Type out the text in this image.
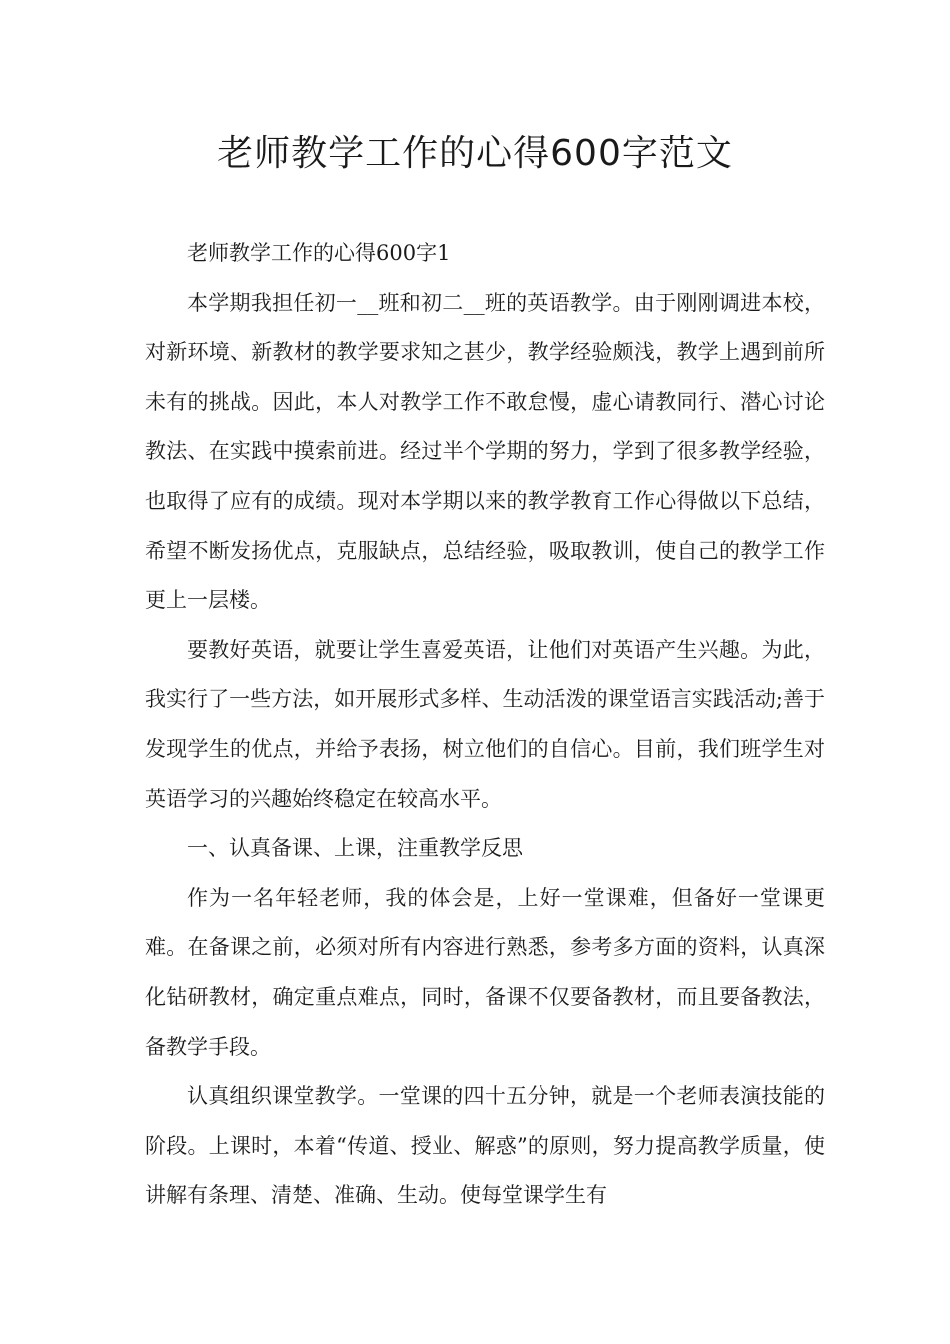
老师教学工作的心得600字范文

老师教学工作的心得600字1

本学期我担任初一__班和初二__班的英语教学。由于刚刚调进本校，对新环境、新教材的教学要求知之甚少，教学经验颇浅，教学上遇到前所未有的挑战。因此，本人对教学工作不敢怠慢，虚心请教同行、潜心讨论教法、在实践中摸索前进。经过半个学期的努力，学到了很多教学经验，也取得了应有的成绩。现对本学期以来的教学教育工作心得做以下总结，希望不断发扬优点，克服缺点，总结经验，吸取教训，使自己的教学工作更上一层楼。

要教好英语，就要让学生喜爱英语，让他们对英语产生兴趣。为此，我实行了一些方法，如开展形式多样、生动活泼的课堂语言实践活动;善于发现学生的优点，并给予表扬，树立他们的自信心。目前，我们班学生对英语学习的兴趣始终稳定在较高水平。

一、认真备课、上课，注重教学反思

作为一名年轻老师，我的体会是，上好一堂课难，但备好一堂课更难。在备课之前，必须对所有内容进行熟悉，参考多方面的资料，认真深化钻研教材，确定重点难点，同时，备课不仅要备教材，而且要备教法，备教学手段。

认真组织课堂教学。一堂课的四十五分钟，就是一个老师表演技能的阶段。上课时，本着“传道、授业、解惑”的原则，努力提高教学质量，使讲解有条理、清楚、准确、生动。使每堂课学生有
